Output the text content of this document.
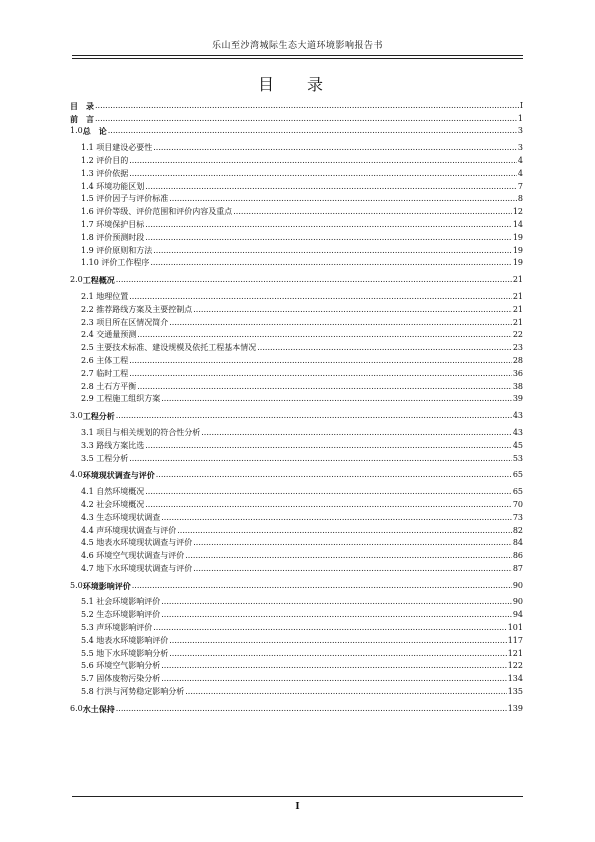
乐山至沙湾城际生态大道环境影响报告书
目 录
目　录 .....	I
前　言 .....	1
1.0 总　论 .....	3
1.1 项目建设必要性 .....	3
1.2 评价目的 .....	4
1.3 评价依据 .....	4
1.4 环境功能区划 .....	7
1.5 评价因子与评价标准 .....	8
1.6 评价等级、评价范围和评价内容及重点 .....	12
1.7 环境保护目标 .....	14
1.8 评价预测时段 .....	19
1.9 评价原则和方法 .....	19
1.10 评价工作程序 .....	19
2.0 工程概况 .....	21
2.1 地理位置 .....	21
2.2 推荐路线方案及主要控制点 .....	21
2.3 项目所在区情况简介 .....	21
2.4 交通量预测 .....	22
2.5 主要技术标准、建设规模及依托工程基本情况 .....	23
2.6 主体工程 .....	28
2.7 临时工程 .....	36
2.8 土石方平衡 .....	38
2.9 工程施工组织方案 .....	39
3.0 工程分析 .....	43
3.1 项目与相关规划的符合性分析 .....	43
3.3 路线方案比选 .....	45
3.5 工程分析 .....	53
4.0 环境现状调查与评价 .....	65
4.1 自然环境概况 .....	65
4.2 社会环境概况 .....	70
4.3 生态环境现状调查 .....	73
4.4 声环境现状调查与评价 .....	82
4.5 地表水环境现状调查与评价 .....	84
4.6 环境空气现状调查与评价 .....	86
4.7 地下水环境现状调查与评价 .....	87
5.0 环境影响评价 .....	90
5.1 社会环境影响评价 .....	90
5.2 生态环境影响评价 .....	94
5.3 声环境影响评价 .....	101
5.4 地表水环境影响评价 .....	117
5.5 地下水环境影响分析 .....	121
5.6 环境空气影响分析 .....	122
5.7 固体废物污染分析 .....	134
5.8 行洪与河势稳定影响分析 .....	135
6.0 水土保持 .....	139
I
